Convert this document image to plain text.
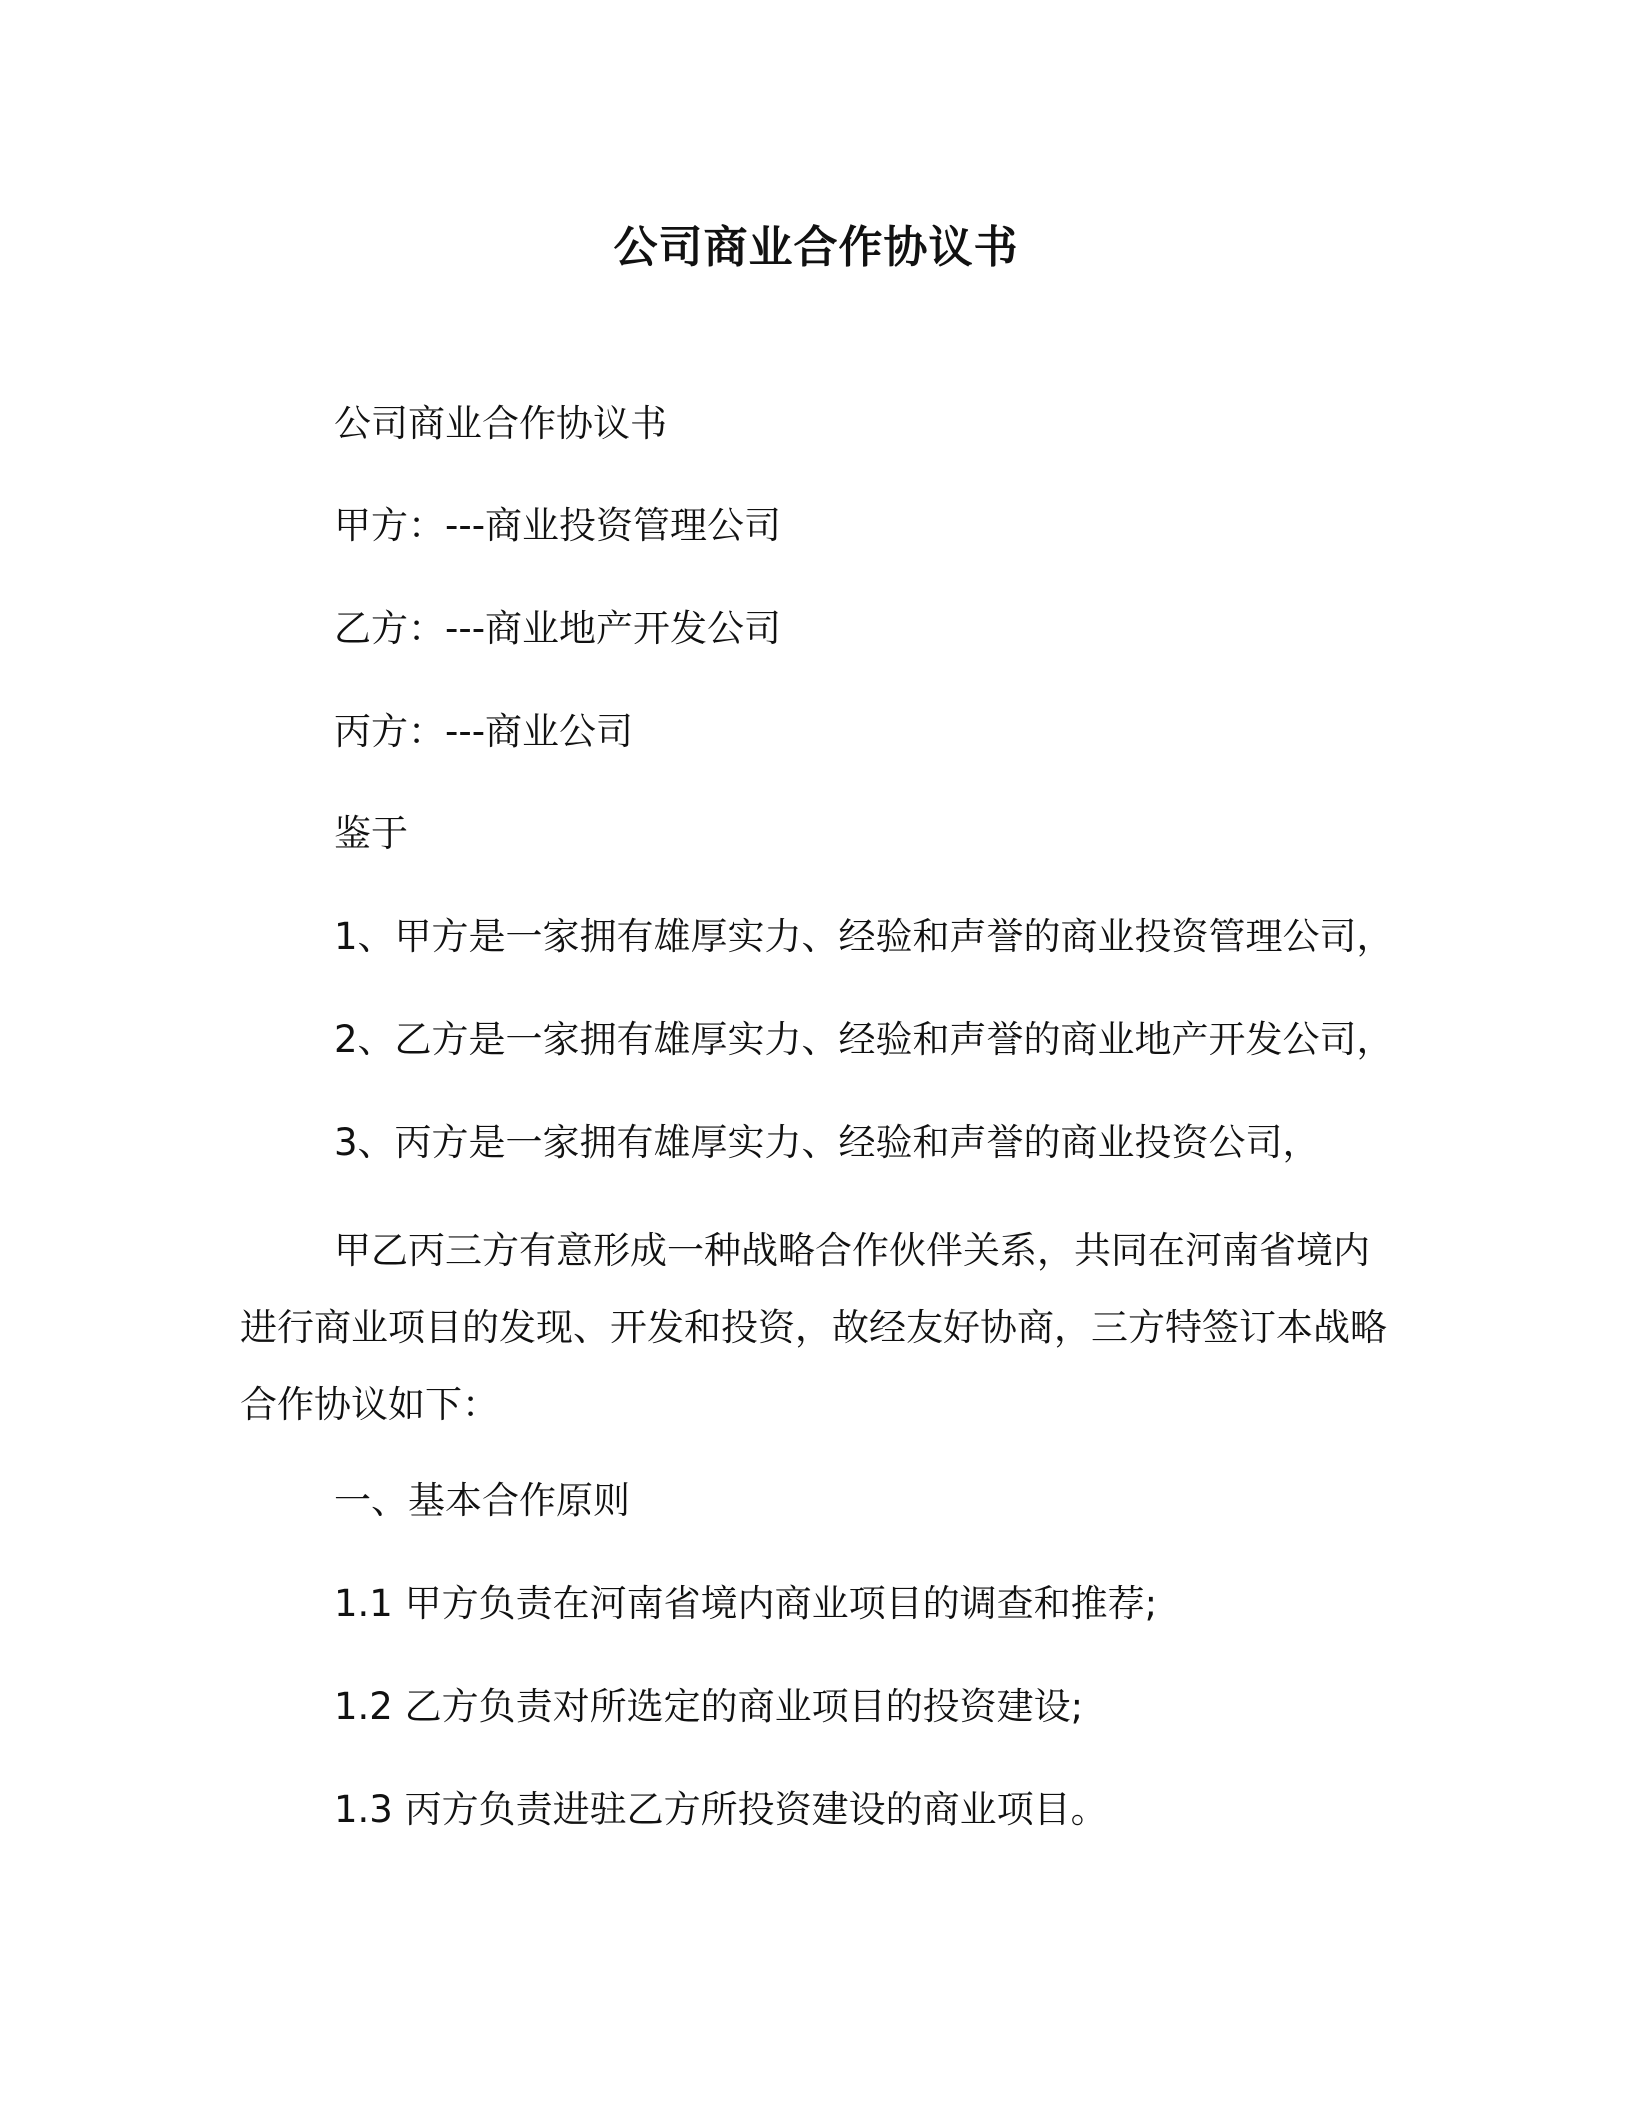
公司商业合作协议书
公司商业合作协议书
甲方：---商业投资管理公司
乙方：---商业地产开发公司
丙方：---商业公司
鉴于
1、甲方是一家拥有雄厚实力、经验和声誉的商业投资管理公司，
2、乙方是一家拥有雄厚实力、经验和声誉的商业地产开发公司，
3、丙方是一家拥有雄厚实力、经验和声誉的商业投资公司，
甲乙丙三方有意形成一种战略合作伙伴关系，共同在河南省境内进行商业项目的发现、开发和投资，故经友好协商，三方特签订本战略合作协议如下：
一、基本合作原则
1.1 甲方负责在河南省境内商业项目的调查和推荐;
1.2 乙方负责对所选定的商业项目的投资建设;
1.3 丙方负责进驻乙方所投资建设的商业项目。
